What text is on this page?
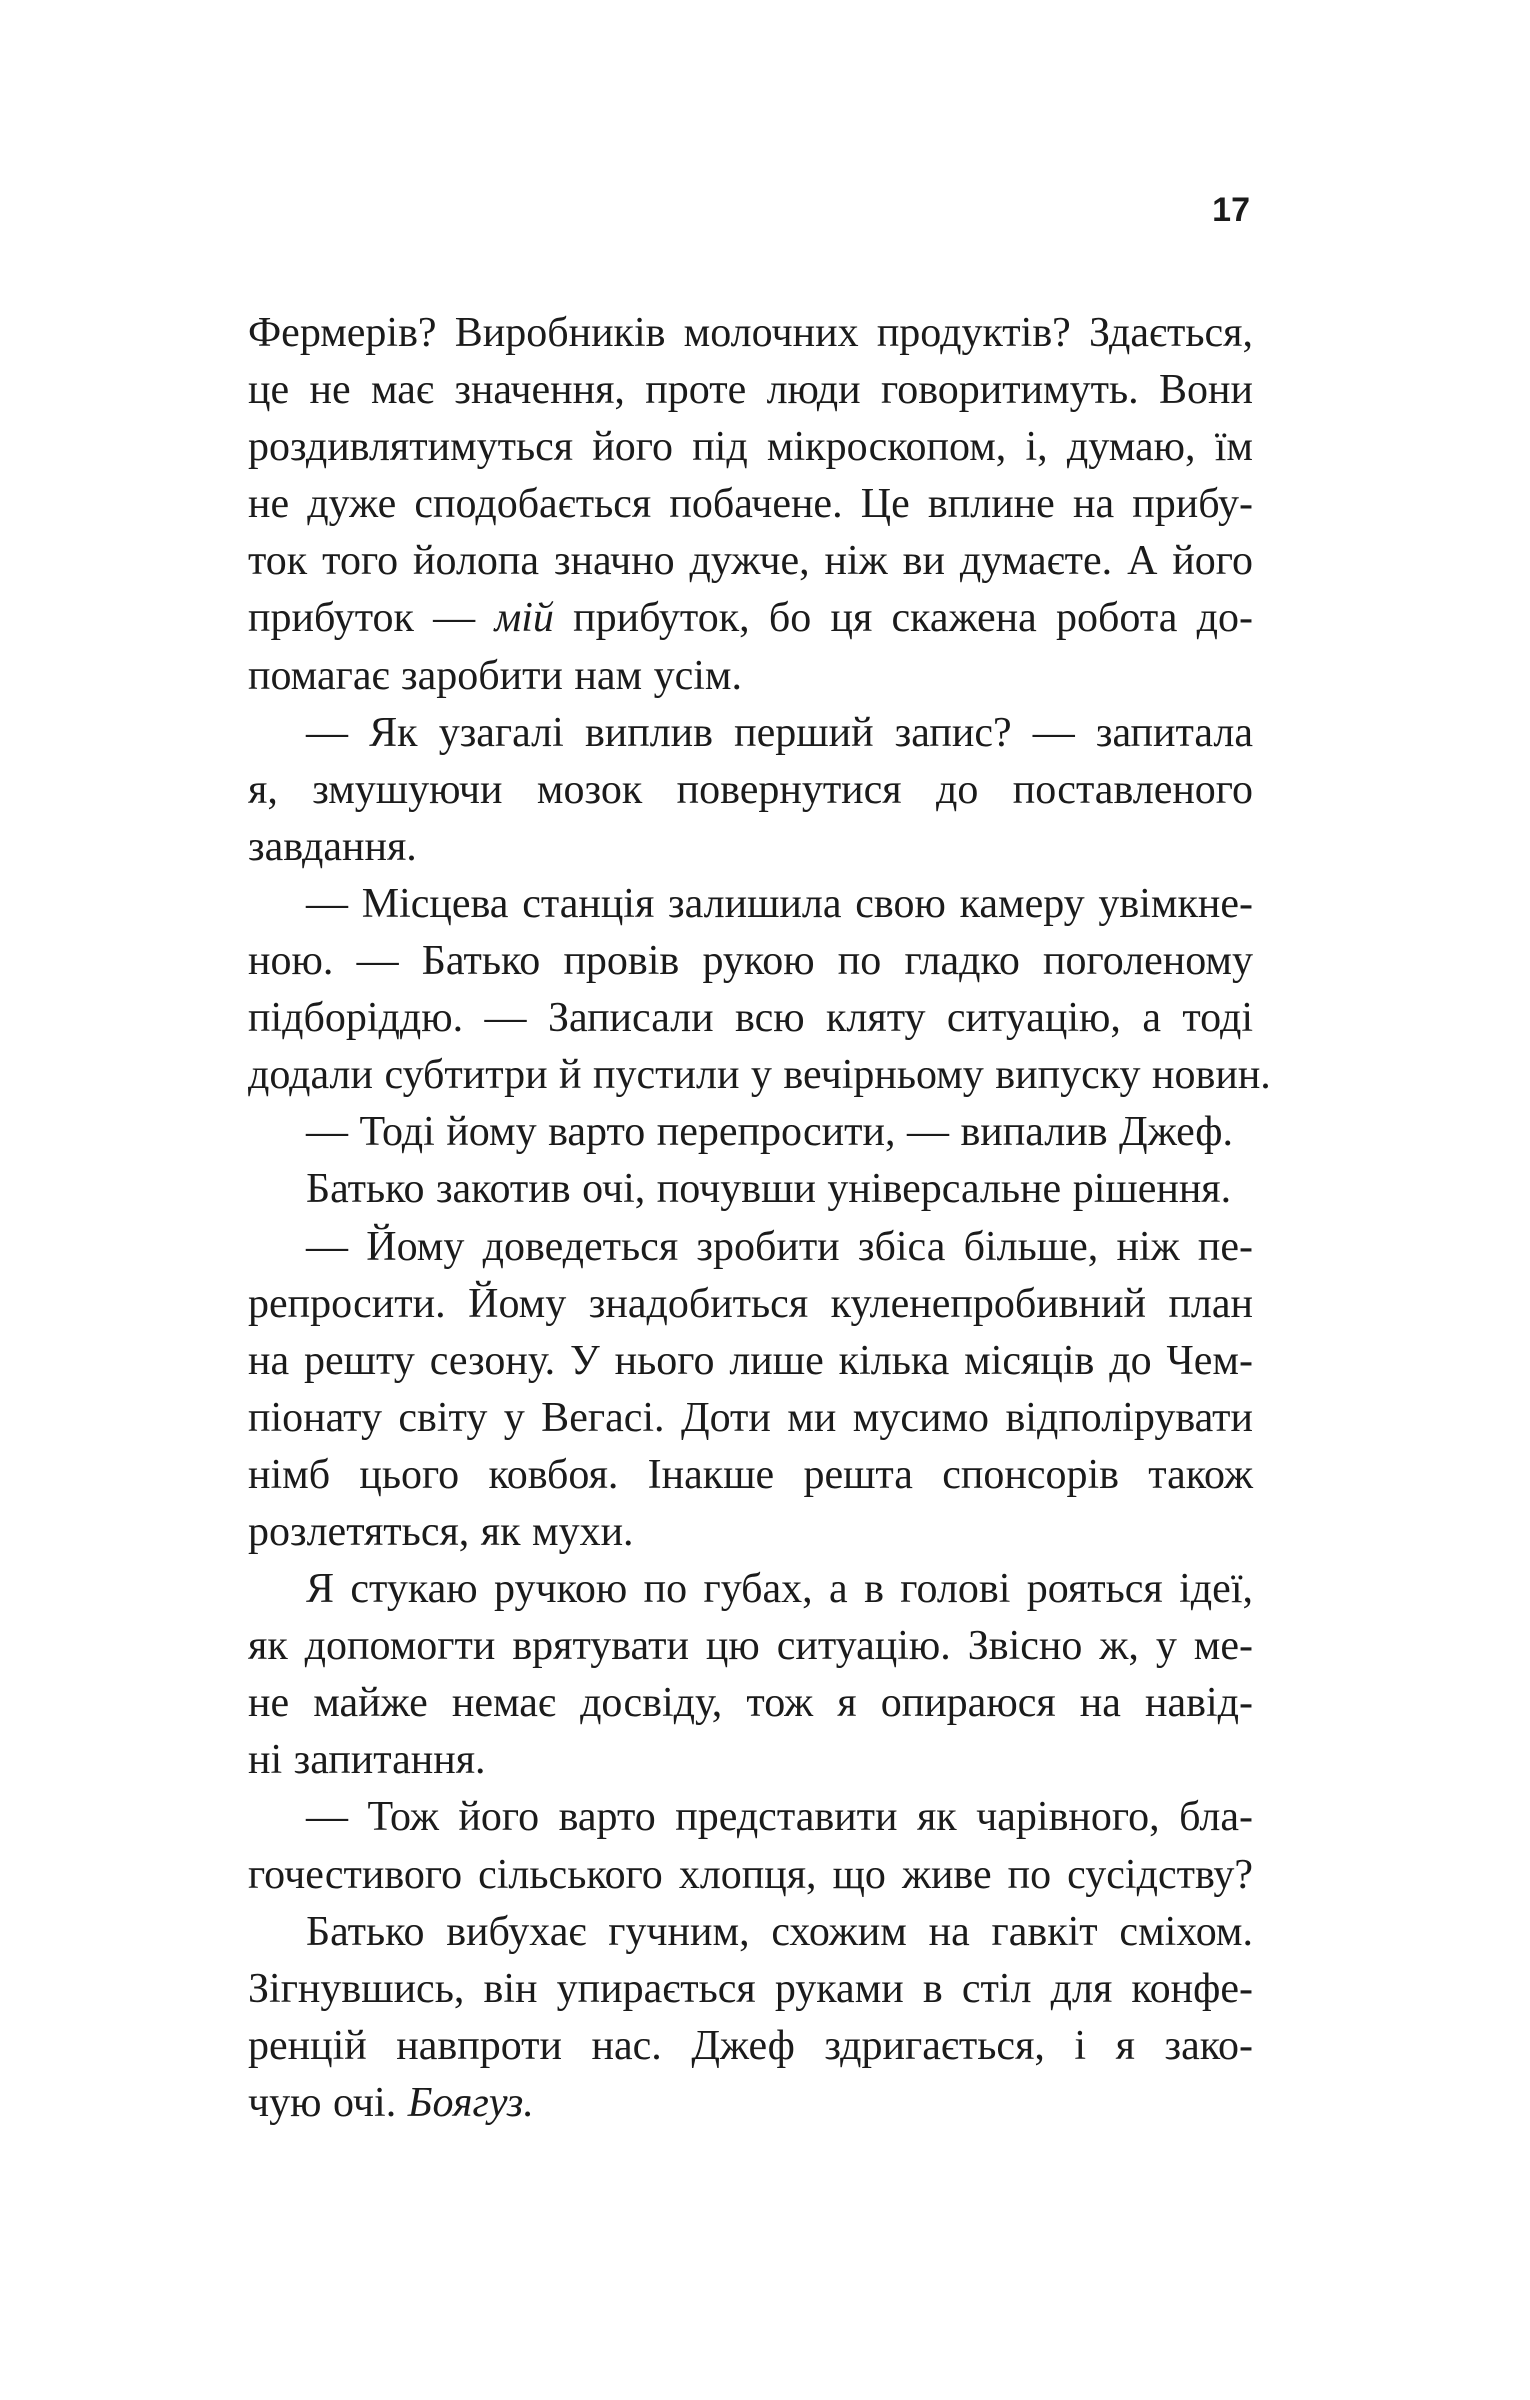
17
Фермерів? Виробників молочних продуктів? Здається,
це не має значення, проте люди говоритимуть. Вони
роздивлятимуться його під мікроскопом, і, думаю, їм
не дуже сподобається побачене. Це вплине на прибу-
ток того йолопа значно дужче, ніж ви думаєте. А його
прибуток — мій прибуток, бо ця скажена робота до-
помагає заробити нам усім.
— Як узагалі виплив перший запис? — запитала
я, змушуючи мозок повернутися до поставленого
завдання.
— Місцева станція залишила свою камеру увімкне-
ною. — Батько провів рукою по гладко поголеному
підборіддю. — Записали всю кляту ситуацію, а тоді
додали субтитри й пустили у вечірньому випуску новин.
— Тоді йому варто перепросити, — випалив Джеф.
Батько закотив очі, почувши універсальне рішення.
— Йому доведеться зробити збіса більше, ніж пе-
репросити. Йому знадобиться куленепробивний план
на решту сезону. У нього лише кілька місяців до Чем-
піонату світу у Вегасі. Доти ми мусимо відполірувати
німб цього ковбоя. Інакше решта спонсорів також
розлетяться, як мухи.
Я стукаю ручкою по губах, а в голові рояться ідеї,
як допомогти врятувати цю ситуацію. Звісно ж, у ме-
не майже немає досвіду, тож я опираюся на навід-
ні запитання.
— Тож його варто представити як чарівного, бла-
гочестивого сільського хлопця, що живе по сусідству?
Батько вибухає гучним, схожим на гавкіт сміхом.
Зігнувшись, він упирається руками в стіл для конфе-
ренцій навпроти нас. Джеф здригається, і я зако-
чую очі. Боягуз.
